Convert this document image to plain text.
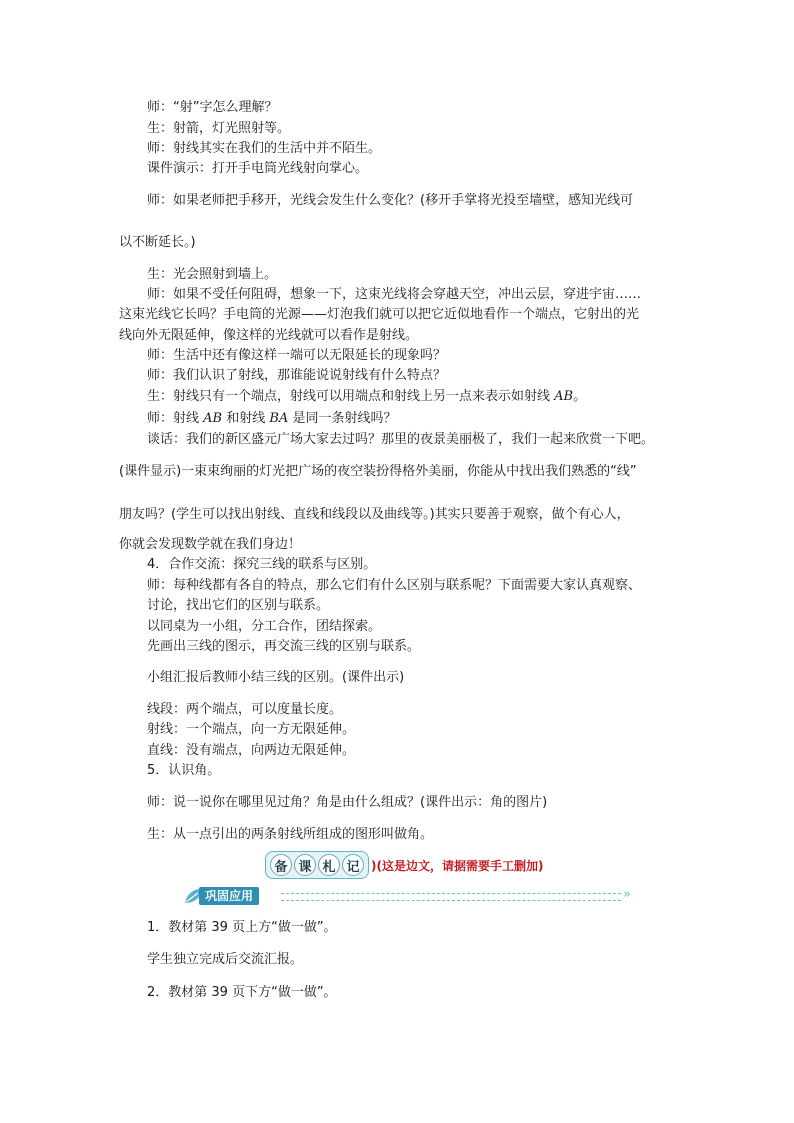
师：“射”字怎么理解？
生：射箭，灯光照射等。
师：射线其实在我们的生活中并不陌生。
课件演示：打开手电筒光线射向掌心。
师：如果老师把手移开，光线会发生什么变化？(移开手掌将光投至墙壁，感知光线可
以不断延长。)
生：光会照射到墙上。
师：如果不受任何阻碍，想象一下，这束光线将会穿越天空，冲出云层，穿进宇宙……
这束光线它长吗？手电筒的光源——灯泡我们就可以把它近似地看作一个端点，它射出的光
线向外无限延伸，像这样的光线就可以看作是射线。
师：生活中还有像这样一端可以无限延长的现象吗？
师：我们认识了射线，那谁能说说射线有什么特点？
生：射线只有一个端点，射线可以用端点和射线上另一点来表示如射线 AB。
师：射线 AB 和射线 BA 是同一条射线吗？
谈话：我们的新区盛元广场大家去过吗？那里的夜景美丽极了，我们一起来欣赏一下吧。
(课件显示)一束束绚丽的灯光把广场的夜空装扮得格外美丽，你能从中找出我们熟悉的“线”
朋友吗？(学生可以找出射线、直线和线段以及曲线等。)其实只要善于观察，做个有心人，
你就会发现数学就在我们身边！
4．合作交流：探究三线的联系与区别。
师：每种线都有各自的特点，那么它们有什么区别与联系呢？下面需要大家认真观察、
讨论，找出它们的区别与联系。
以同桌为一小组，分工合作，团结探索。
先画出三线的图示，再交流三线的区别与联系。
小组汇报后教师小结三线的区别。(课件出示)
线段：两个端点，可以度量长度。
射线：一个端点，向一方无限延伸。
直线：没有端点，向两边无限延伸。
5．认识角。
师：说一说你在哪里见过角？角是由什么组成？(课件出示：角的图片)
生：从一点引出的两条射线所组成的图形叫做角。
备 课 札 记 )(这是边文，请据需要手工删加)
巩固应用	»
1．教材第 39 页上方“做一做”。
学生独立完成后交流汇报。
2．教材第 39 页下方“做一做”。
